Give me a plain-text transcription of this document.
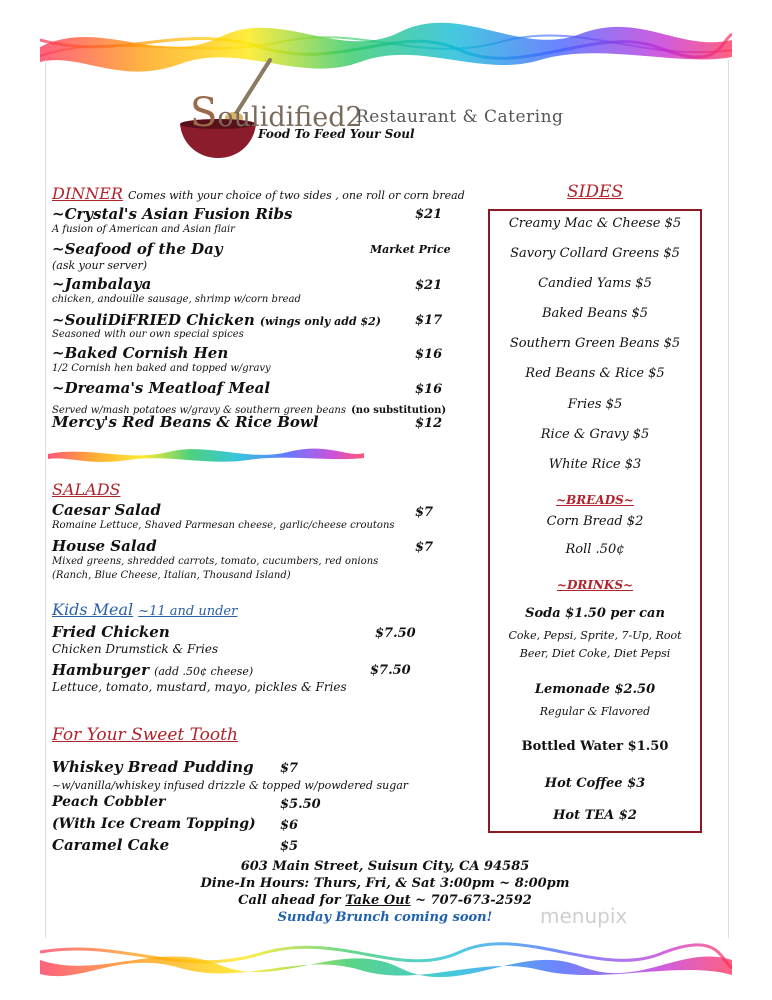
Soulidified2
Restaurant & Catering
Food To Feed Your Soul
DINNER Comes with your choice of two sides , one roll or corn bread
~Crystal's Asian Fusion Ribs	$21
A fusion of American and Asian flair
~Seafood of the Day	Market Price
(ask your server)
~Jambalaya	$21
chicken, andouille sausage, shrimp w/corn bread
~SouliDiFRIED Chicken (wings only add $2)	$17
Seasoned with our own special spices
~Baked Cornish Hen	$16
1/2 Cornish hen baked and topped w/gravy
~Dreama's Meatloaf Meal	$16
Served w/mash potatoes w/gravy & southern green beans (no substitution)
Mercy's Red Beans & Rice Bowl	$12
SALADS
Caesar Salad	$7
Romaine Lettuce, Shaved Parmesan cheese, garlic/cheese croutons
House Salad	$7
Mixed greens, shredded carrots, tomato, cucumbers, red onions
(Ranch, Blue Cheese, Italian, Thousand Island)
Kids Meal ~11 and under
Fried Chicken	$7.50
Chicken Drumstick & Fries
Hamburger (add .50¢ cheese)	$7.50
Lettuce, tomato, mustard, mayo, pickles & Fries
For Your Sweet Tooth
Whiskey Bread Pudding $7
~w/vanilla/whiskey infused drizzle & topped w/powdered sugar
Peach Cobbler	$5.50
(With Ice Cream Topping) $6
Caramel Cake	$5
SIDES
Creamy Mac & Cheese $5
Savory Collard Greens $5
Candied Yams $5
Baked Beans $5
Southern Green Beans $5
Red Beans & Rice $5
Fries $5
Rice & Gravy $5
White Rice $3
~BREADS~
Corn Bread $2
Roll .50¢
~DRINKS~
Soda $1.50 per can
Coke, Pepsi, Sprite, 7-Up, Root Beer, Diet Coke, Diet Pepsi
Lemonade $2.50
Regular & Flavored
Bottled Water $1.50
Hot Coffee $3
Hot TEA $2
603 Main Street, Suisun City, CA 94585
Dine-In Hours: Thurs, Fri, & Sat 3:00pm ~ 8:00pm
Call ahead for Take Out ~ 707-673-2592
Sunday Brunch coming soon!	menupix
